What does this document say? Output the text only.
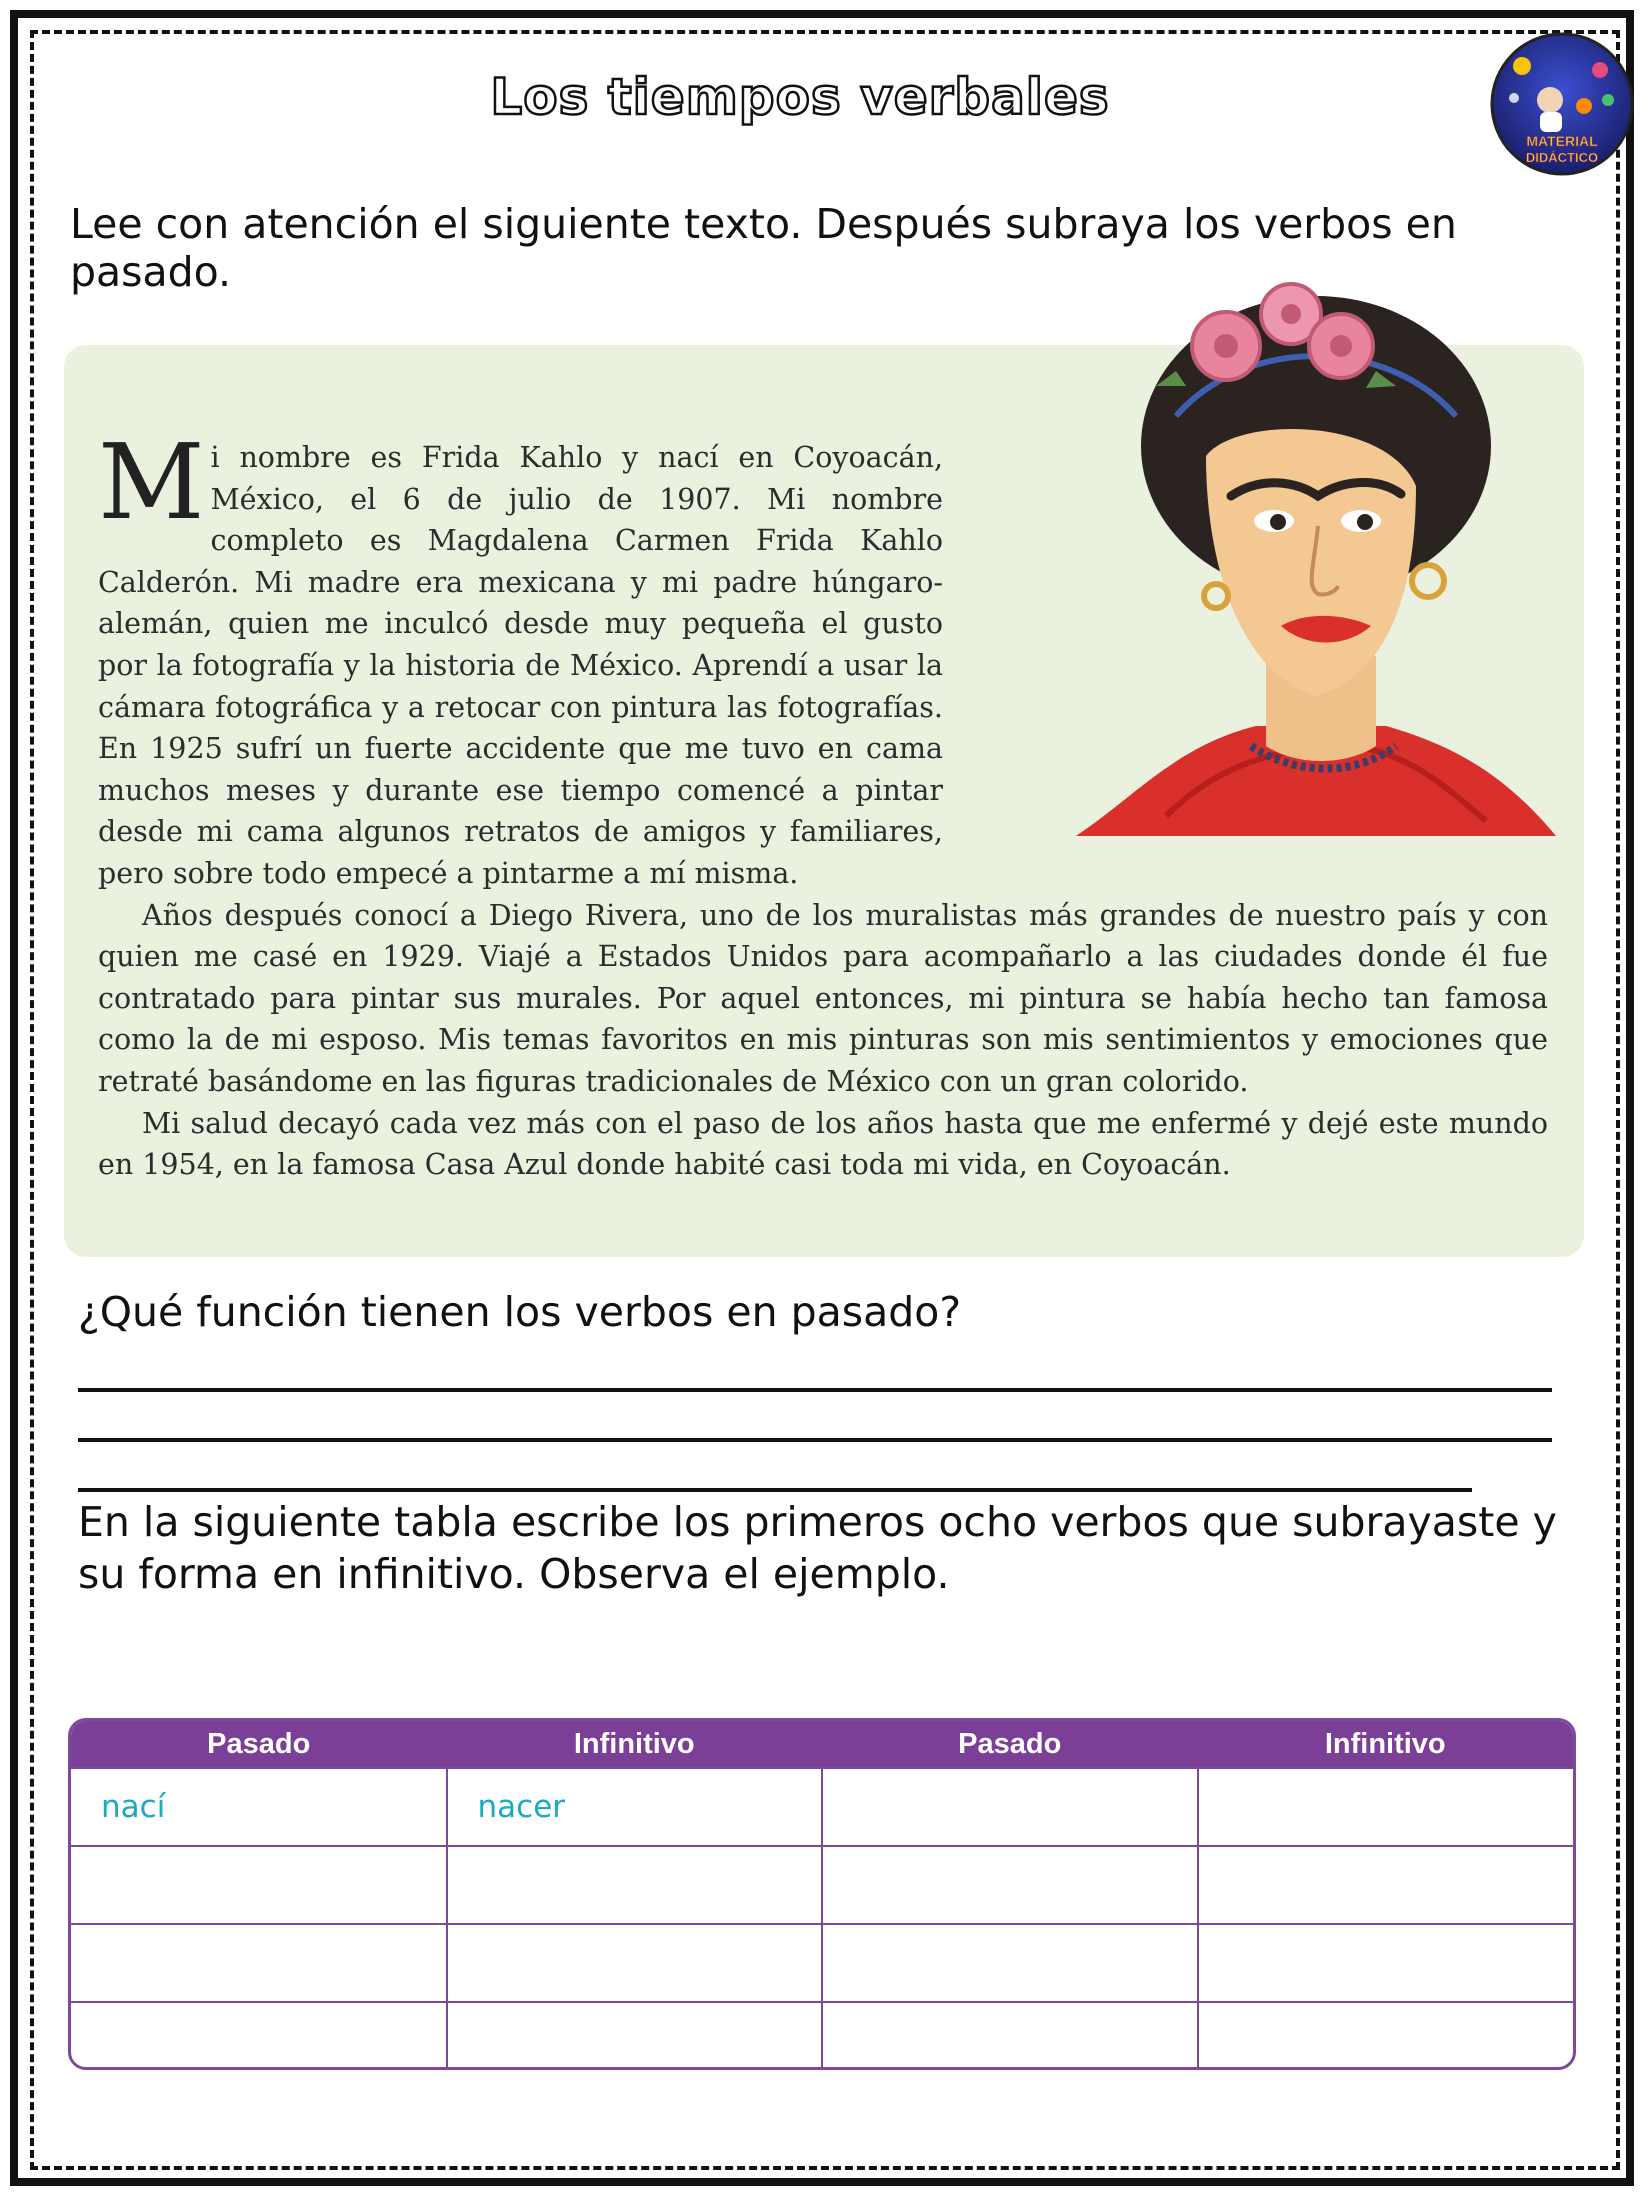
Los tiempos verbales
MATERIAL
DIDÁCTICO
Lee con atención el siguiente texto. Después subraya los verbos en pasado.

Mi nombre es Frida Kahlo y nací en Coyoacán, México, el 6 de julio de 1907. Mi nombre completo es Magdalena Carmen Frida Kahlo Calderón. Mi madre era mexicana y mi padre húngaro-alemán, quien me inculcó desde muy pequeña el gusto por la fotografía y la historia de México. Aprendí a usar la cámara fotográfica y a retocar con pintura las fotografías. En 1925 sufrí un fuerte accidente que me tuvo en cama muchos meses y durante ese tiempo comencé a pintar desde mi cama algunos retratos de amigos y familiares, pero sobre todo empecé a pintarme a mí misma.

Años después conocí a Diego Rivera, uno de los muralistas más grandes de nuestro país y con quien me casé en 1929. Viajé a Estados Unidos para acompañarlo a las ciudades donde él fue contratado para pintar sus murales. Por aquel entonces, mi pintura se había hecho tan famosa como la de mi esposo. Mis temas favoritos en mis pinturas son mis sentimientos y emociones que retraté basándome en las figuras tradicionales de México con un gran colorido.

Mi salud decayó cada vez más con el paso de los años hasta que me enfermé y dejé este mundo en 1954, en la famosa Casa Azul donde habité casi toda mi vida, en Coyoacán.

¿Qué función tienen los verbos en pasado?
En la siguiente tabla escribe los primeros ocho verbos que subrayaste y su forma en infinitivo. Observa el ejemplo.
Pasado	Infinitivo	Pasado	Infinitivo
nací	nacer		
